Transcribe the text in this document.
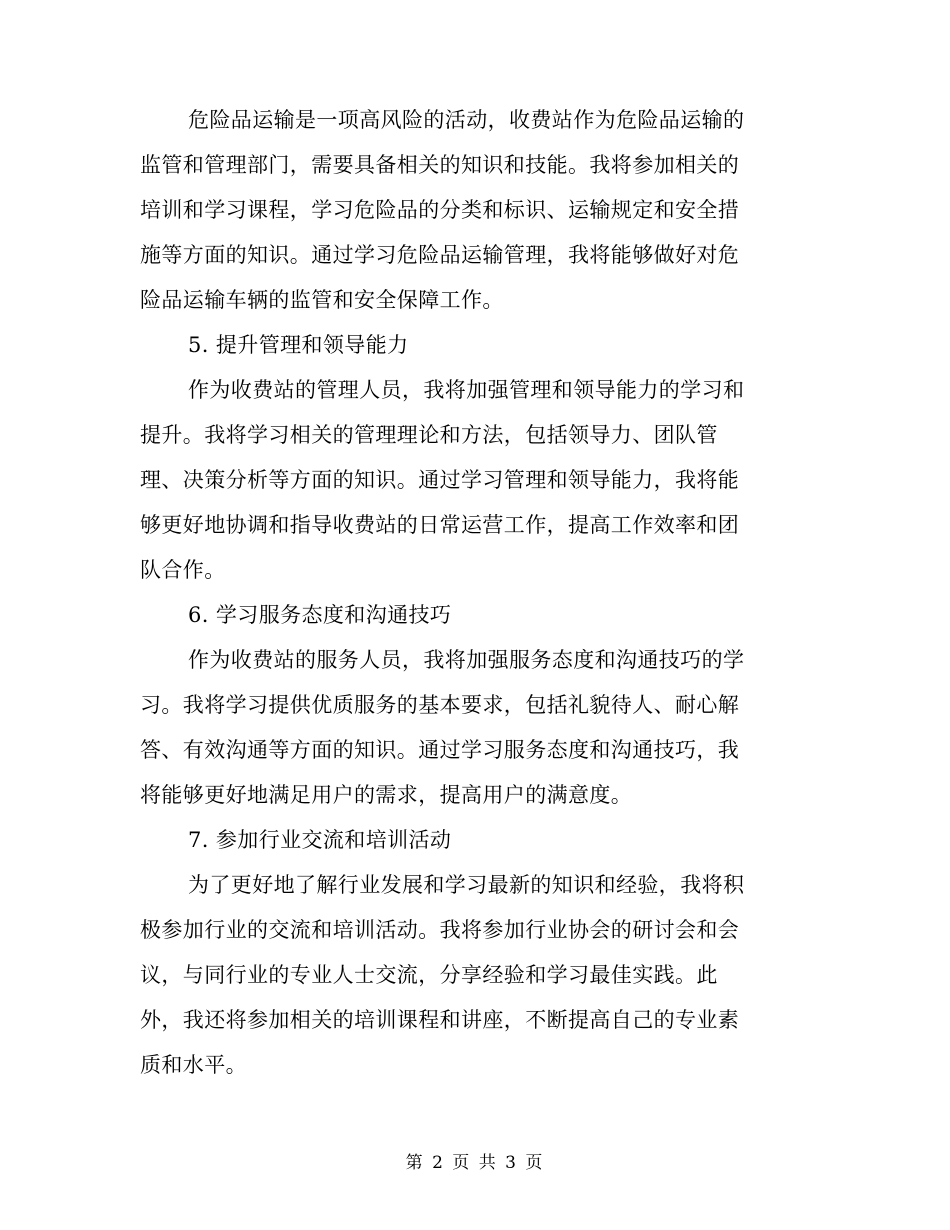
危险品运输是一项高风险的活动，收费站作为危险品运输的
监管和管理部门，需要具备相关的知识和技能。我将参加相关的
培训和学习课程，学习危险品的分类和标识、运输规定和安全措
施等方面的知识。通过学习危险品运输管理，我将能够做好对危
险品运输车辆的监管和安全保障工作。
5. 提升管理和领导能力
作为收费站的管理人员，我将加强管理和领导能力的学习和
提升。我将学习相关的管理理论和方法，包括领导力、团队管
理、决策分析等方面的知识。通过学习管理和领导能力，我将能
够更好地协调和指导收费站的日常运营工作，提高工作效率和团
队合作。
6. 学习服务态度和沟通技巧
作为收费站的服务人员，我将加强服务态度和沟通技巧的学
习。我将学习提供优质服务的基本要求，包括礼貌待人、耐心解
答、有效沟通等方面的知识。通过学习服务态度和沟通技巧，我
将能够更好地满足用户的需求，提高用户的满意度。
7. 参加行业交流和培训活动
为了更好地了解行业发展和学习最新的知识和经验，我将积
极参加行业的交流和培训活动。我将参加行业协会的研讨会和会
议，与同行业的专业人士交流，分享经验和学习最佳实践。此
外，我还将参加相关的培训课程和讲座，不断提高自己的专业素
质和水平。
第 2 页 共 3 页
